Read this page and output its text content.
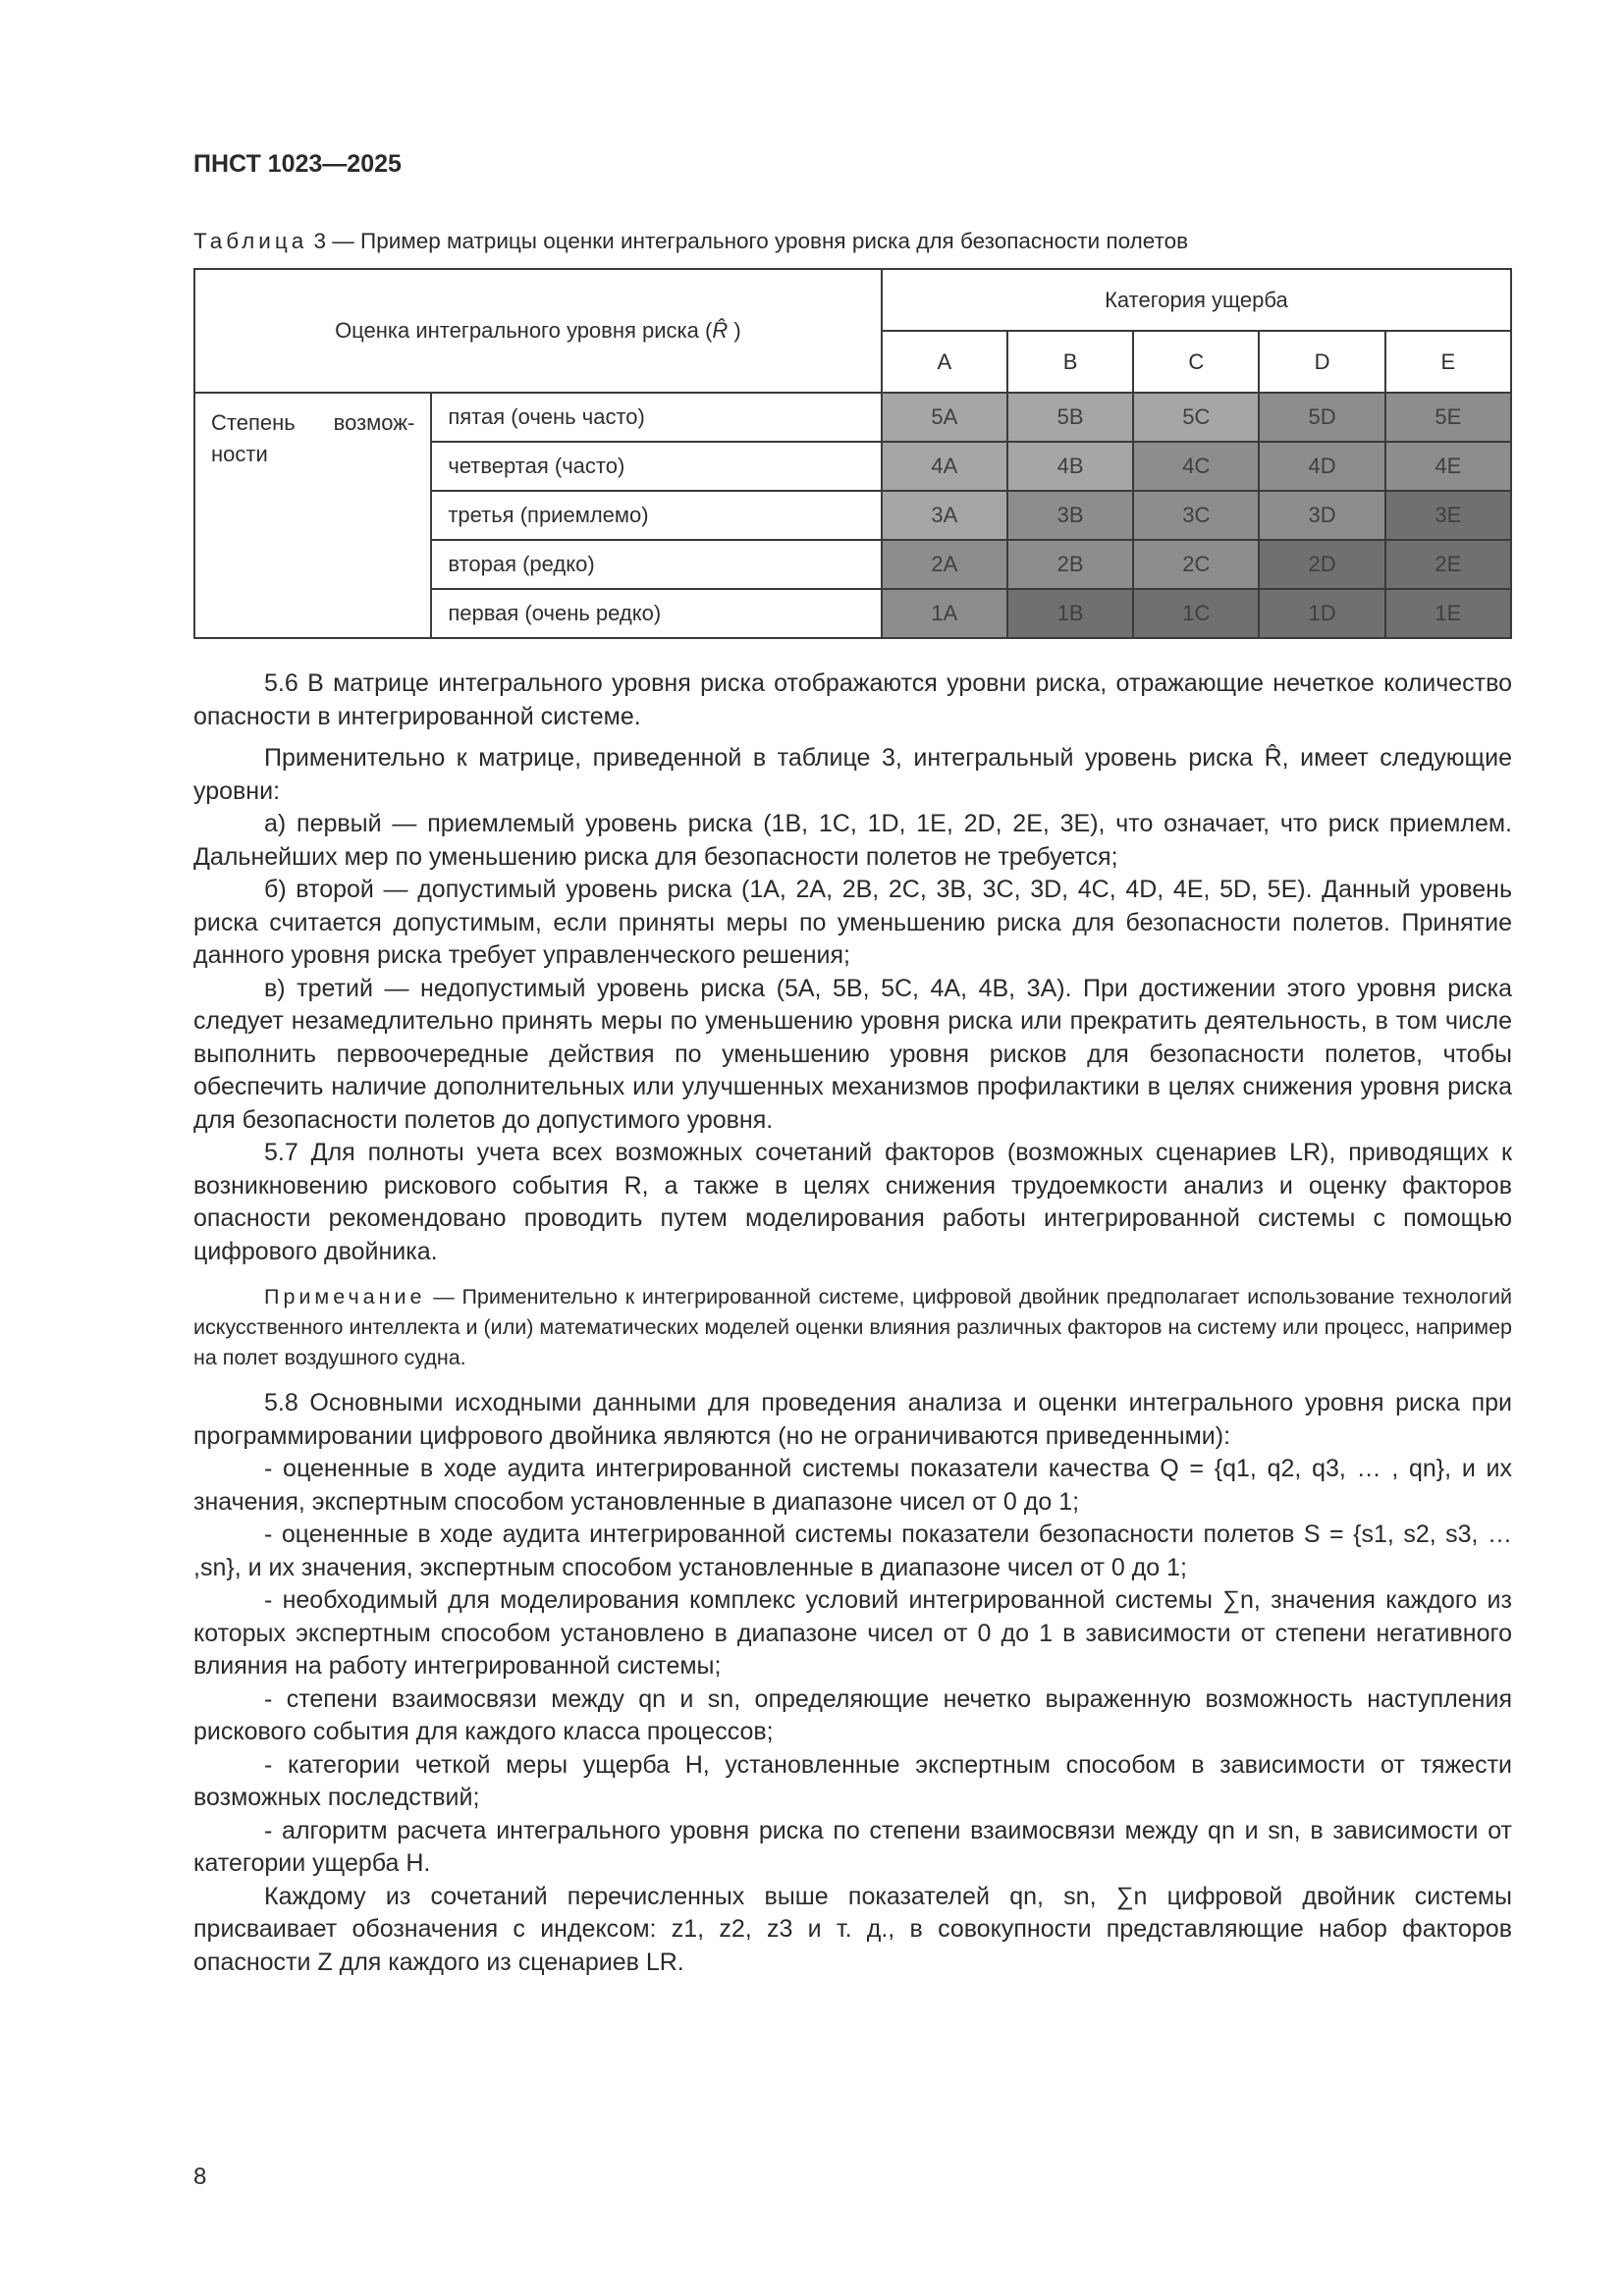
ПНСТ 1023—2025
Таблица 3 — Пример матрицы оценки интегрального уровня риска для безопасности полетов
Оценка интегрального уровня риска (R̂ )		Категория ущерба				
		A	B	C	D	E
Степень возмож-ности	пятая (очень часто)	5A	5B	5C	5D	5E
	четвертая (часто)	4A	4B	4C	4D	4E
	третья (приемлемо)	3A	3B	3C	3D	3E
	вторая (редко)	2A	2B	2C	2D	2E
	первая (очень редко)	1A	1B	1C	1D	1E

5.6 В матрице интегрального уровня риска отображаются уровни риска, отражающие нечеткое количество опасности в интегрированной системе.

Применительно к матрице, приведенной в таблице 3, интегральный уровень риска R̂, имеет следующие уровни:

а) первый — приемлемый уровень риска (1B, 1C, 1D, 1E, 2D, 2E, 3E), что означает, что риск приемлем. Дальнейших мер по уменьшению риска для безопасности полетов не требуется;

б) второй — допустимый уровень риска (1A, 2A, 2B, 2C, 3B, 3C, 3D, 4C, 4D, 4E, 5D, 5E). Данный уровень риска считается допустимым, если приняты меры по уменьшению риска для безопасности полетов. Принятие данного уровня риска требует управленческого решения;

в) третий — недопустимый уровень риска (5A, 5B, 5C, 4A, 4B, 3A). При достижении этого уровня риска следует незамедлительно принять меры по уменьшению уровня риска или прекратить деятельность, в том числе выполнить первоочередные действия по уменьшению уровня рисков для безопасности полетов, чтобы обеспечить наличие дополнительных или улучшенных механизмов профилактики в целях снижения уровня риска для безопасности полетов до допустимого уровня.

5.7 Для полноты учета всех возможных сочетаний факторов (возможных сценариев LR), приводящих к возникновению рискового события R, а также в целях снижения трудоемкости анализ и оценку факторов опасности рекомендовано проводить путем моделирования работы интегрированной системы с помощью цифрового двойника.

Примечание — Применительно к интегрированной системе, цифровой двойник предполагает использование технологий искусственного интеллекта и (или) математических моделей оценки влияния различных факторов на систему или процесс, например на полет воздушного судна.

5.8 Основными исходными данными для проведения анализа и оценки интегрального уровня риска при программировании цифрового двойника являются (но не ограничиваются приведенными):

- оцененные в ходе аудита интегрированной системы показатели качества Q = {q1, q2, q3, … , qn}, и их значения, экспертным способом установленные в диапазоне чисел от 0 до 1;

- оцененные в ходе аудита интегрированной системы показатели безопасности полетов S = {s1, s2, s3, … ,sn}, и их значения, экспертным способом установленные в диапазоне чисел от 0 до 1;

- необходимый для моделирования комплекс условий интегрированной системы ∑n, значения каждого из которых экспертным способом установлено в диапазоне чисел от 0 до 1 в зависимости от степени негативного влияния на работу интегрированной системы;

- степени взаимосвязи между qn и sn, определяющие нечетко выраженную возможность наступления рискового события для каждого класса процессов;

- категории четкой меры ущерба H, установленные экспертным способом в зависимости от тяжести возможных последствий;

- алгоритм расчета интегрального уровня риска по степени взаимосвязи между qn и sn, в зависимости от категории ущерба H.

Каждому из сочетаний перечисленных выше показателей qn, sn, ∑n цифровой двойник системы присваивает обозначения с индексом: z1, z2, z3 и т. д., в совокупности представляющие набор факторов опасности Z для каждого из сценариев LR.

8
